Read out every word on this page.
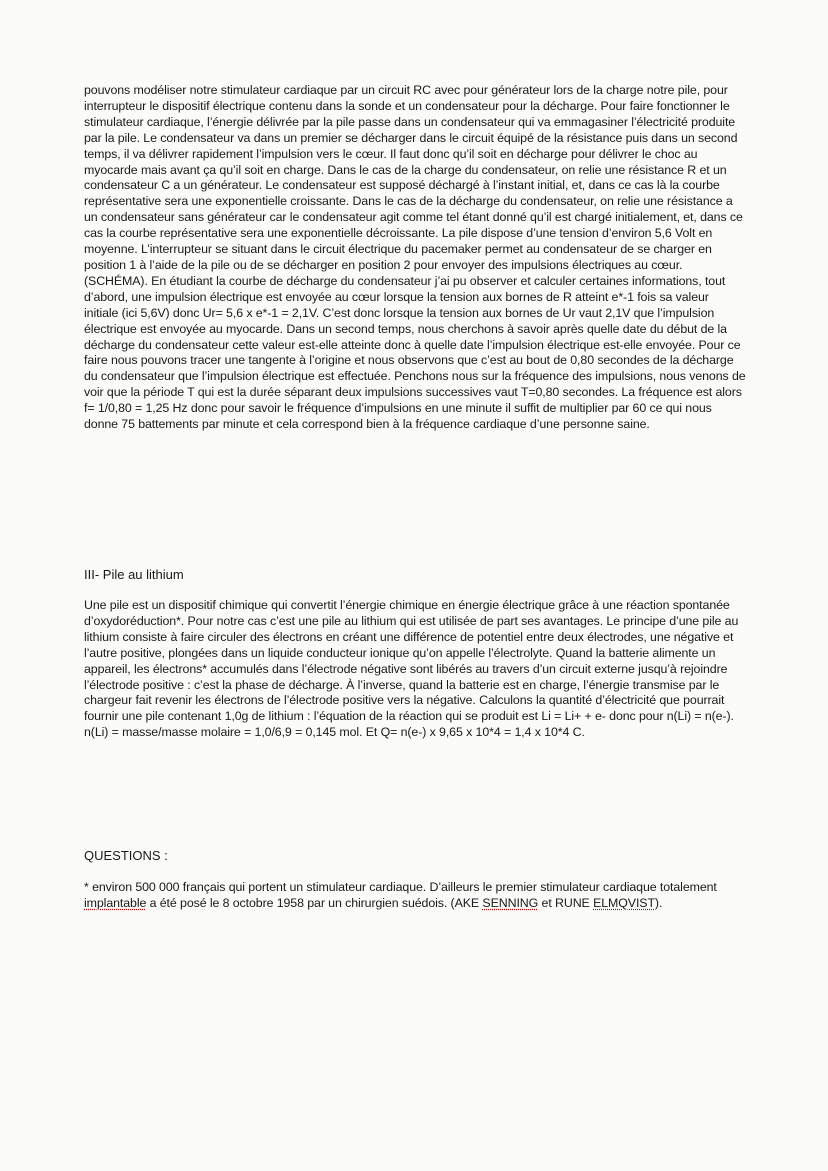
pouvons modéliser notre stimulateur cardiaque par un circuit RC avec pour générateur lors de la charge notre pile, pour interrupteur le dispositif électrique contenu dans la sonde et un condensateur pour la décharge. Pour faire fonctionner le stimulateur cardiaque, l’énergie délivrée par la pile passe dans un condensateur qui va emmagasiner l’électricité produite par la pile. Le condensateur va dans un premier se décharger dans le circuit équipé de la résistance puis dans un second temps, il va délivrer rapidement l’impulsion vers le cœur. Il faut donc qu’il soit en décharge pour délivrer le choc au myocarde mais avant ça qu’il soit en charge. Dans le cas de la charge du condensateur, on relie une résistance R et un condensateur C a un générateur. Le condensateur est supposé déchargé à l’instant initial, et, dans ce cas là la courbe représentative sera une exponentielle croissante. Dans le cas de la décharge du condensateur, on relie une résistance a un condensateur sans générateur car le condensateur agit comme tel étant donné qu’il est chargé initialement, et, dans ce cas la courbe représentative sera une exponentielle décroissante. La pile dispose d’une tension d’environ 5,6 Volt en moyenne. L’interrupteur se situant dans le circuit électrique du pacemaker permet au condensateur de se charger en position 1 à l’aide de la pile ou de se décharger en position 2 pour envoyer des impulsions électriques au cœur. (SCHÉMA). En étudiant la courbe de décharge du condensateur j’ai pu observer et calculer certaines informations, tout d’abord, une impulsion électrique est envoyée au cœur lorsque la tension aux bornes de R atteint e*-1 fois sa valeur initiale (ici 5,6V) donc Ur= 5,6 x e*-1 = 2,1V. C’est donc lorsque la tension aux bornes de Ur vaut 2,1V que l’impulsion électrique est envoyée au myocarde. Dans un second temps, nous cherchons à savoir après quelle date du début de la décharge du condensateur cette valeur est-elle atteinte donc à quelle date l’impulsion électrique est-elle envoyée. Pour ce faire nous pouvons tracer une tangente à l’origine et nous observons que c’est au bout de 0,80 secondes de la décharge du condensateur que l’impulsion électrique est effectuée. Penchons nous sur la fréquence des impulsions, nous venons de voir que la période T qui est la durée séparant deux impulsions successives vaut T=0,80 secondes. La fréquence est alors f= 1/0,80 = 1,25 Hz donc pour savoir le fréquence d’impulsions en une minute il suffit de multiplier par 60 ce qui nous donne 75 battements par minute et cela correspond bien à la fréquence cardiaque d’une personne saine.

III- Pile au lithium

Une pile est un dispositif chimique qui convertit l’énergie chimique en énergie électrique grâce à une réaction spontanée d’oxydoréduction*. Pour notre cas c’est une pile au lithium qui est utilisée de part ses avantages. Le principe d’une pile au lithium consiste à faire circuler des électrons en créant une différence de potentiel entre deux électrodes, une négative et l’autre positive, plongées dans un liquide conducteur ionique qu’on appelle l’électrolyte. Quand la batterie alimente un appareil, les électrons* accumulés dans l’électrode négative sont libérés au travers d’un circuit externe jusqu’à rejoindre l’électrode positive : c’est la phase de décharge. À l’inverse, quand la batterie est en charge, l’énergie transmise par le chargeur fait revenir les électrons de l’électrode positive vers la négative. Calculons la quantité d’électricité que pourrait fournir une pile contenant 1,0g de lithium : l’équation de la réaction qui se produit est Li = Li+ + e- donc pour n(Li) = n(e-). n(Li) = masse/masse molaire = 1,0/6,9 = 0,145 mol. Et Q= n(e-) x 9,65 x 10*4 = 1,4 x 10*4 C.

QUESTIONS :

* environ 500 000 français qui portent un stimulateur cardiaque. D’ailleurs le premier stimulateur cardiaque totalement implantable a été posé le 8 octobre 1958 par un chirurgien suédois. (AKE SENNING et RUNE ELMQVIST).
